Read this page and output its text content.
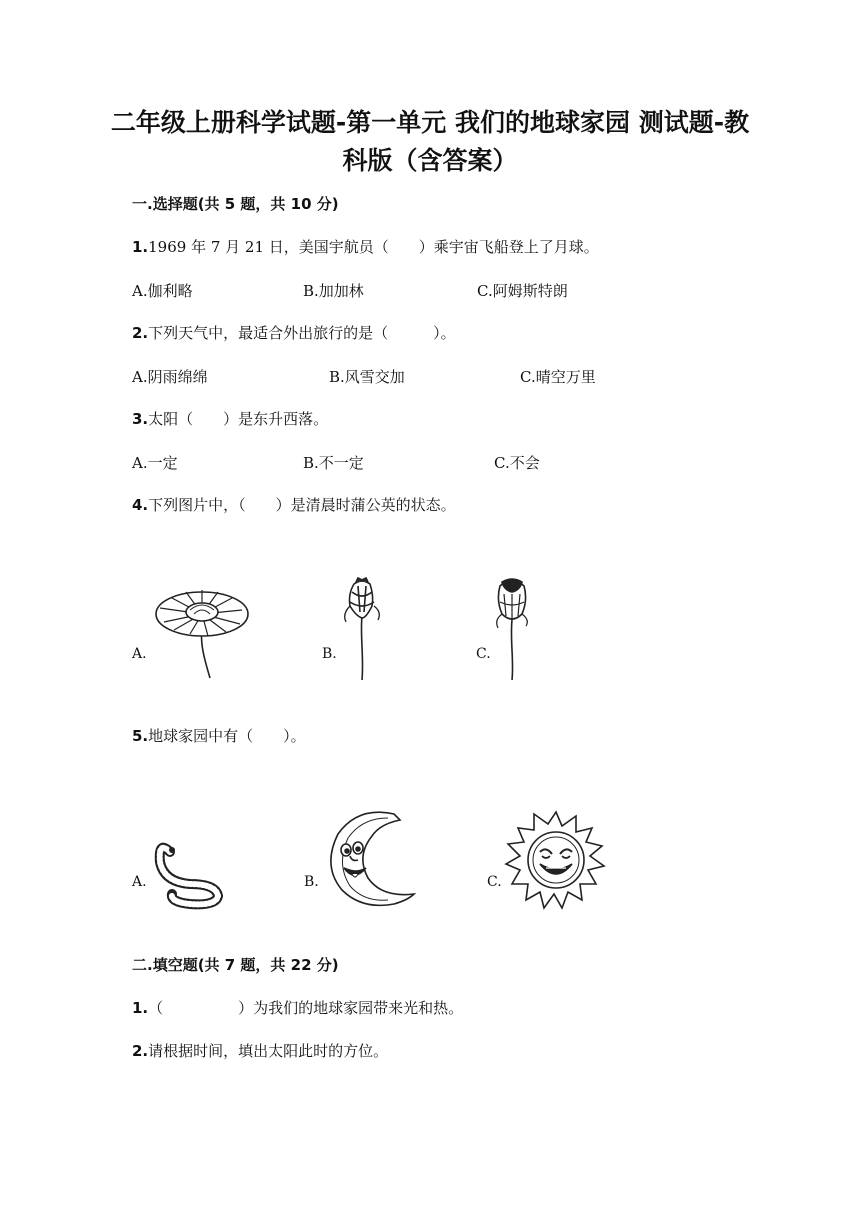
二年级上册科学试题-第一单元 我们的地球家园 测试题-教科版（含答案）
一.选择题(共 5 题，共 10 分)
1.1969 年 7 月 21 日，美国宇航员（　　）乘宇宙飞船登上了月球。
A.伽利略	B.加加林	C.阿姆斯特朗
2.下列天气中，最适合外出旅行的是（　　　）。
A.阴雨绵绵	B.风雪交加	C.晴空万里
3.太阳（　　）是东升西落。
A.一定	B.不一定	C.不会
4.下列图片中，（　　）是清晨时蒲公英的状态。
A.	B.	C.
5.地球家园中有（　　）。
A.	B.	C.
二.填空题(共 7 题，共 22 分)
1.（　　　　　）为我们的地球家园带来光和热。
2.请根据时间，填出太阳此时的方位。
